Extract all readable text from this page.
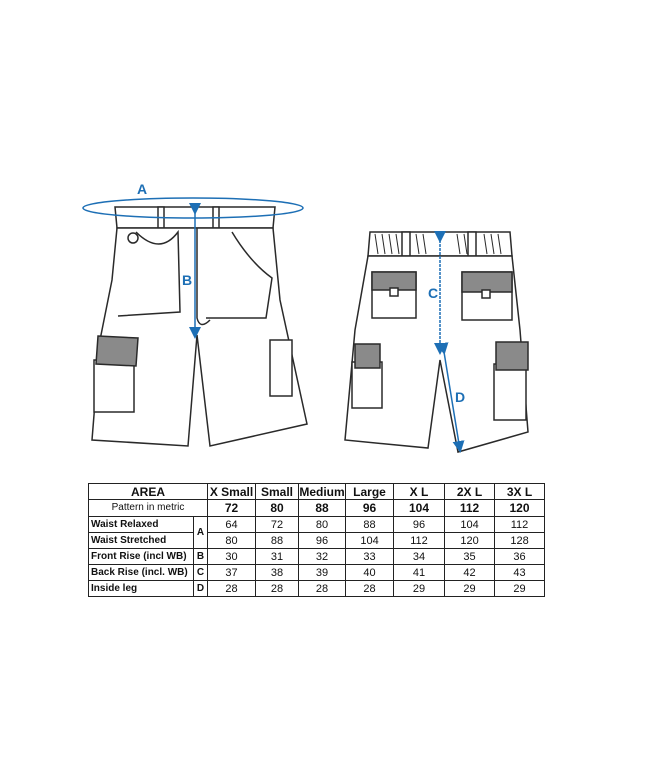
A
B
C
D
AREA		X Small	Small	Medium	Large	X L	2X L	3X L
Pattern in metric		72	80	88	96	104	112	120
Waist Relaxed	A	64	72	80	88	96	104	112
Waist Stretched		80	88	96	104	112	120	128
Front Rise (incl WB)	B	30	31	32	33	34	35	36
Back Rise (incl. WB)	C	37	38	39	40	41	42	43
Inside leg	D	28	28	28	28	29	29	29
